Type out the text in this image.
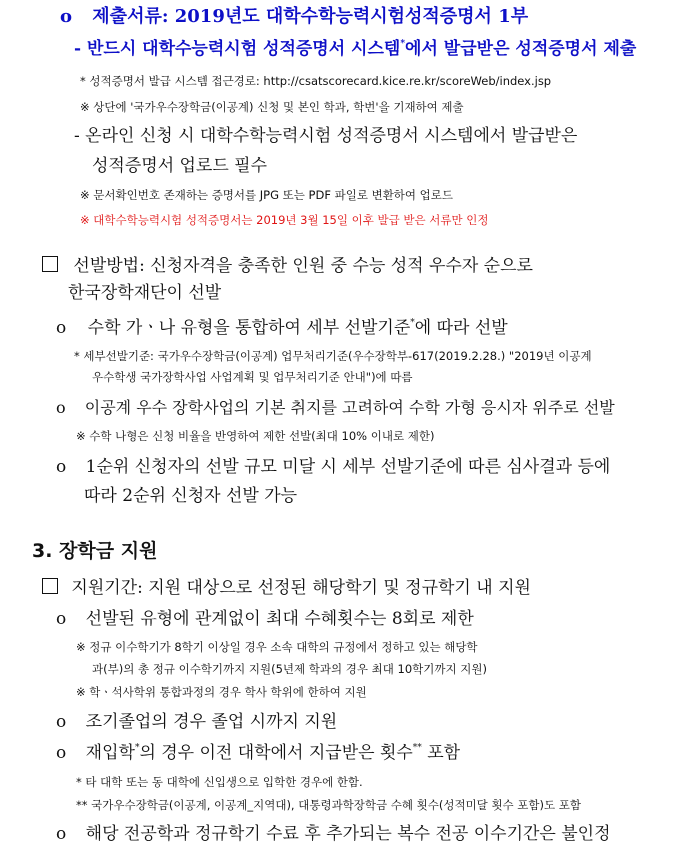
o 제출서류: 2019년도 대학수학능력시험성적증명서 1부
- 반드시 대학수능력시험 성적증명서 시스템*에서 발급받은 성적증명서 제출
* 성적증명서 발급 시스템 접근경로: http://csatscorecard.kice.re.kr/scoreWeb/index.jsp
※ 상단에 '국가우수장학금(이공계) 신청 및 본인 학과, 학번'을 기재하여 제출
- 온라인 신청 시 대학수학능력시험 성적증명서 시스템에서 발급받은
성적증명서 업로드 필수
※ 문서확인번호 존재하는 증명서를 JPG 또는 PDF 파일로 변환하여 업로드
※ 대학수학능력시험 성적증명서는 2019년 3월 15일 이후 발급 받은 서류만 인정
선발방법: 신청자격을 충족한 인원 중 수능 성적 우수자 순으로
한국장학재단이 선발
o 수학 가ㆍ나 유형을 통합하여 세부 선발기준*에 따라 선발
* 세부선발기준: 국가우수장학금(이공계) 업무처리기준(우수장학부-617(2019.2.28.) "2019년 이공계
우수학생 국가장학사업 사업계획 및 업무처리기준 안내")에 따름
o 이공계 우수 장학사업의 기본 취지를 고려하여 수학 가형 응시자 위주로 선발
※ 수학 나형은 신청 비율을 반영하여 제한 선발(최대 10% 이내로 제한)
o 1순위 신청자의 선발 규모 미달 시 세부 선발기준에 따른 심사결과 등에
따라 2순위 신청자 선발 가능
3. 장학금 지원
지원기간: 지원 대상으로 선정된 해당학기 및 정규학기 내 지원
o 선발된 유형에 관계없이 최대 수혜횟수는 8회로 제한
※ 정규 이수학기가 8학기 이상일 경우 소속 대학의 규정에서 정하고 있는 해당학
과(부)의 총 정규 이수학기까지 지원(5년제 학과의 경우 최대 10학기까지 지원)
※ 학ㆍ석사학위 통합과정의 경우 학사 학위에 한하여 지원
o 조기졸업의 경우 졸업 시까지 지원
o 재입학*의 경우 이전 대학에서 지급받은 횟수** 포함
* 타 대학 또는 동 대학에 신입생으로 입학한 경우에 한함.
** 국가우수장학금(이공계, 이공계_지역대), 대통령과학장학금 수혜 횟수(성적미달 횟수 포함)도 포함
o 해당 전공학과 정규학기 수료 후 추가되는 복수 전공 이수기간은 불인정
